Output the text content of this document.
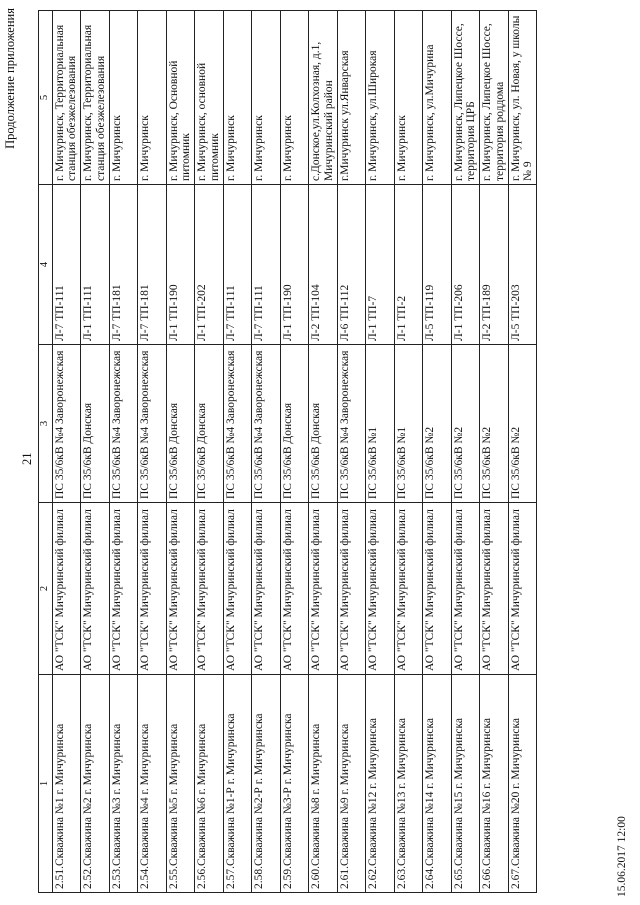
Продолжение приложения
21
1	2	3	4	5
2.51.Скважина №1 г. Мичуринска	АО "ТСК" Мичуринский филиал	ПС 35/6кВ №4 Заворонежская	Л-7 ТП-111	г. Мичуринск, Территориальная станция обезжелезования
2.52.Скважина №2 г. Мичуринска	АО "ТСК" Мичуринский филиал	ПС 35/6кВ Донская	Л-1 ТП-111	г. Мичуринск, Территориальная станция обезжелезования
2.53.Скважина №3 г. Мичуринска	АО "ТСК" Мичуринский филиал	ПС 35/6кВ №4 Заворонежская	Л-7 ТП-181	г. Мичуринск
2.54.Скважина №4 г. Мичуринска	АО "ТСК" Мичуринский филиал	ПС 35/6кВ №4 Заворонежская	Л-7 ТП-181	г. Мичуринск
2.55.Скважина №5 г. Мичуринска	АО "ТСК" Мичуринский филиал	ПС 35/6кВ Донская	Л-1 ТП-190	г. Мичуринск, Основной питомник
2.56.Скважина №6 г. Мичуринска	АО "ТСК" Мичуринский филиал	ПС 35/6кВ Донская	Л-1 ТП-202	г. Мичуринск, основной питомник
2.57.Скважина №1-Р г. Мичуринска	АО "ТСК" Мичуринский филиал	ПС 35/6кВ №4 Заворонежская	Л-7 ТП-111	г. Мичуринск
2.58.Скважина №2-Р г. Мичуринска	АО "ТСК" Мичуринский филиал	ПС 35/6кВ №4 Заворонежская	Л-7 ТП-111	г. Мичуринск
2.59.Скважина №3-Р г. Мичуринска	АО "ТСК" Мичуринский филиал	ПС 35/6кВ Донская	Л-1 ТП-190	г. Мичуринск
2.60.Скважина №8 г. Мичуринска	АО "ТСК" Мичуринский филиал	ПС 35/6кВ Донская	Л-2 ТП-104	с.Донское,ул.Колхозная, д.1, Мичуринский район
2.61.Скважина №9 г. Мичуринска	АО "ТСК" Мичуринский филиал	ПС 35/6кВ №4 Заворонежская	Л-6 ТП-112	г.Мичуринск ул.Январская
2.62.Скважина №12 г. Мичуринска	АО "ТСК" Мичуринский филиал	ПС 35/6кВ №1	Л-1 ТП-7	г. Мичуринск, ул.Широкая
2.63.Скважина №13 г. Мичуринска	АО "ТСК" Мичуринский филиал	ПС 35/6кВ №1	Л-1 ТП-2	г. Мичуринск
2.64.Скважина №14 г. Мичуринска	АО "ТСК" Мичуринский филиал	ПС 35/6кВ №2	Л-5 ТП-119	г. Мичуринск, ул.Мичурина
2.65.Скважина №15 г. Мичуринска	АО "ТСК" Мичуринский филиал	ПС 35/6кВ №2	Л-1 ТП-206	г. Мичуринск, Липецкое Шоссе, территория ЦРБ
2.66.Скважина №16 г. Мичуринска	АО "ТСК" Мичуринский филиал	ПС 35/6кВ №2	Л-2 ТП-189	г. Мичуринск, Липецкое Шоссе, территория роддома
2.67.Скважина №20 г. Мичуринска	АО "ТСК" Мичуринский филиал	ПС 35/6кВ №2	Л-5 ТП-203	г. Мичуринск, ул. Новая, у школы № 9
15.06.2017 12:00
